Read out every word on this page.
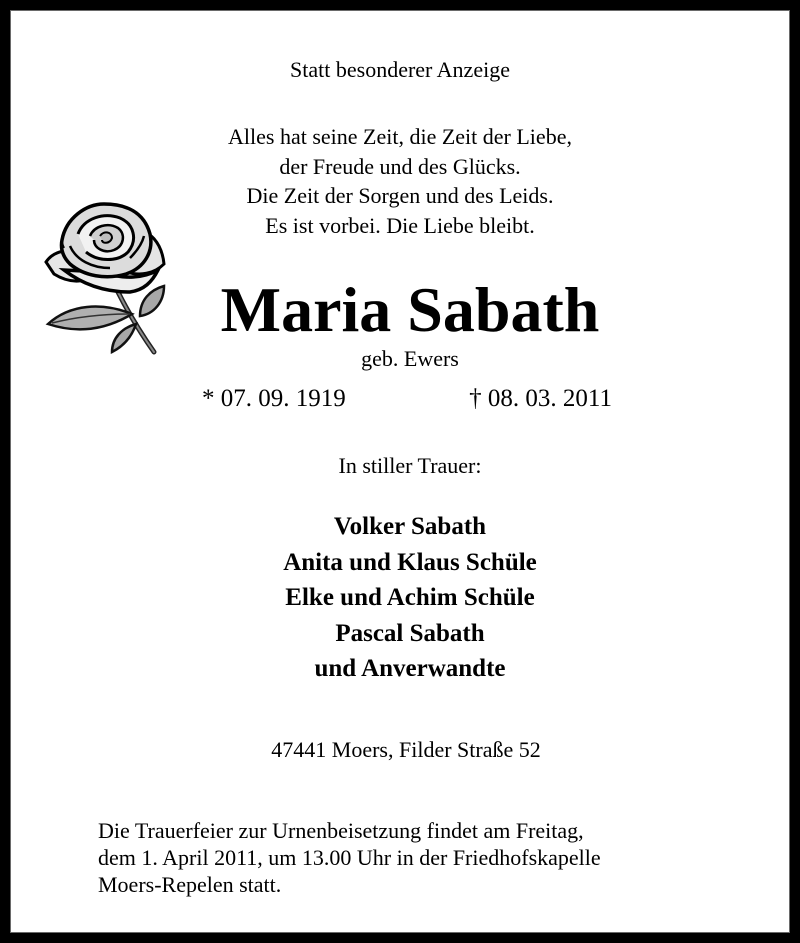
Statt besonderer Anzeige
Alles hat seine Zeit, die Zeit der Liebe,
der Freude und des Glücks.
Die Zeit der Sorgen und des Leids.
Es ist vorbei. Die Liebe bleibt.
Maria Sabath
geb. Ewers
* 07. 09. 1919	† 08. 03. 2011
In stiller Trauer:
Volker Sabath
Anita und Klaus Schüle
Elke und Achim Schüle
Pascal Sabath
und Anverwandte
47441 Moers, Filder Straße 52
Die Trauerfeier zur Urnenbeisetzung findet am Freitag,
dem 1. April 2011, um 13.00 Uhr in der Friedhofskapelle
Moers-Repelen statt.
